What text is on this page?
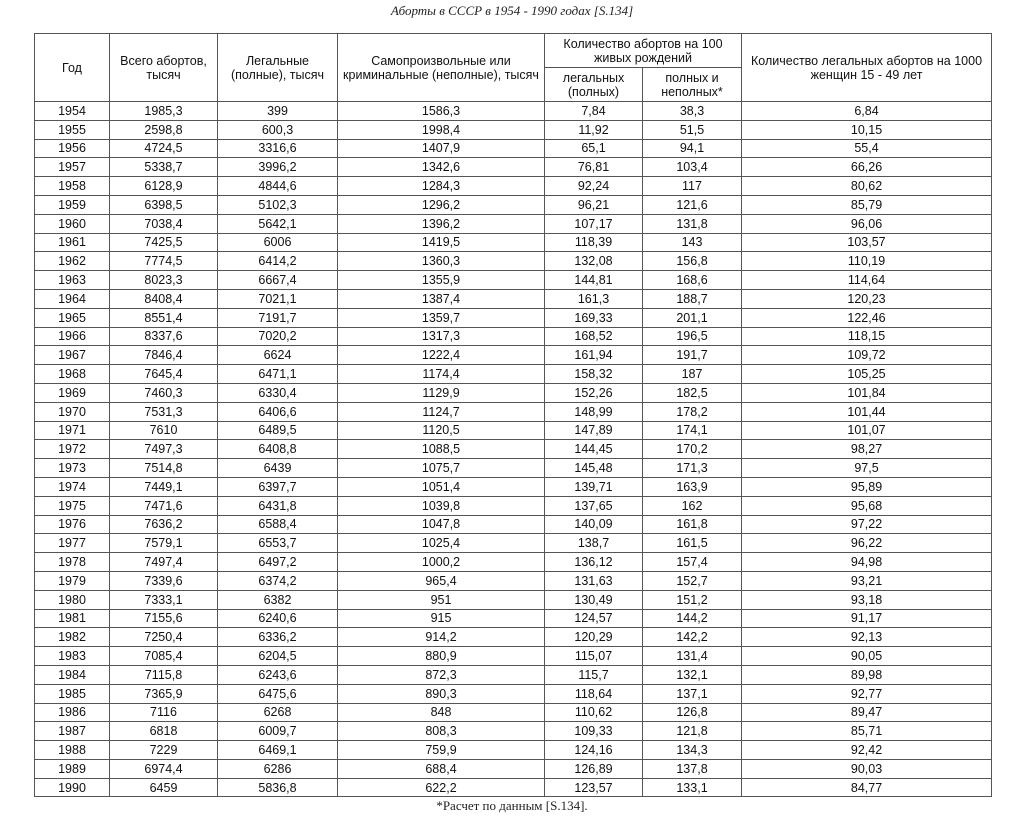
Аборты в СССР в 1954 - 1990 годах [S.134]
Год	Всего абортов, тысяч	Легальные (полные), тысяч	Самопроизвольные или криминальные (неполные), тысяч	Количество абортов на 100 живых рождений		Количество легальных абортов на 1000 женщин 15 - 49 лет
				легальных (полных)	полных и неполных*	
1954	1985,3	399	1586,3	7,84	38,3	6,84
1955	2598,8	600,3	1998,4	11,92	51,5	10,15
1956	4724,5	3316,6	1407,9	65,1	94,1	55,4
1957	5338,7	3996,2	1342,6	76,81	103,4	66,26
1958	6128,9	4844,6	1284,3	92,24	117	80,62
1959	6398,5	5102,3	1296,2	96,21	121,6	85,79
1960	7038,4	5642,1	1396,2	107,17	131,8	96,06
1961	7425,5	6006	1419,5	118,39	143	103,57
1962	7774,5	6414,2	1360,3	132,08	156,8	110,19
1963	8023,3	6667,4	1355,9	144,81	168,6	114,64
1964	8408,4	7021,1	1387,4	161,3	188,7	120,23
1965	8551,4	7191,7	1359,7	169,33	201,1	122,46
1966	8337,6	7020,2	1317,3	168,52	196,5	118,15
1967	7846,4	6624	1222,4	161,94	191,7	109,72
1968	7645,4	6471,1	1174,4	158,32	187	105,25
1969	7460,3	6330,4	1129,9	152,26	182,5	101,84
1970	7531,3	6406,6	1124,7	148,99	178,2	101,44
1971	7610	6489,5	1120,5	147,89	174,1	101,07
1972	7497,3	6408,8	1088,5	144,45	170,2	98,27
1973	7514,8	6439	1075,7	145,48	171,3	97,5
1974	7449,1	6397,7	1051,4	139,71	163,9	95,89
1975	7471,6	6431,8	1039,8	137,65	162	95,68
1976	7636,2	6588,4	1047,8	140,09	161,8	97,22
1977	7579,1	6553,7	1025,4	138,7	161,5	96,22
1978	7497,4	6497,2	1000,2	136,12	157,4	94,98
1979	7339,6	6374,2	965,4	131,63	152,7	93,21
1980	7333,1	6382	951	130,49	151,2	93,18
1981	7155,6	6240,6	915	124,57	144,2	91,17
1982	7250,4	6336,2	914,2	120,29	142,2	92,13
1983	7085,4	6204,5	880,9	115,07	131,4	90,05
1984	7115,8	6243,6	872,3	115,7	132,1	89,98
1985	7365,9	6475,6	890,3	118,64	137,1	92,77
1986	7116	6268	848	110,62	126,8	89,47
1987	6818	6009,7	808,3	109,33	121,8	85,71
1988	7229	6469,1	759,9	124,16	134,3	92,42
1989	6974,4	6286	688,4	126,89	137,8	90,03
1990	6459	5836,8	622,2	123,57	133,1	84,77
*Расчет по данным [S.134].
